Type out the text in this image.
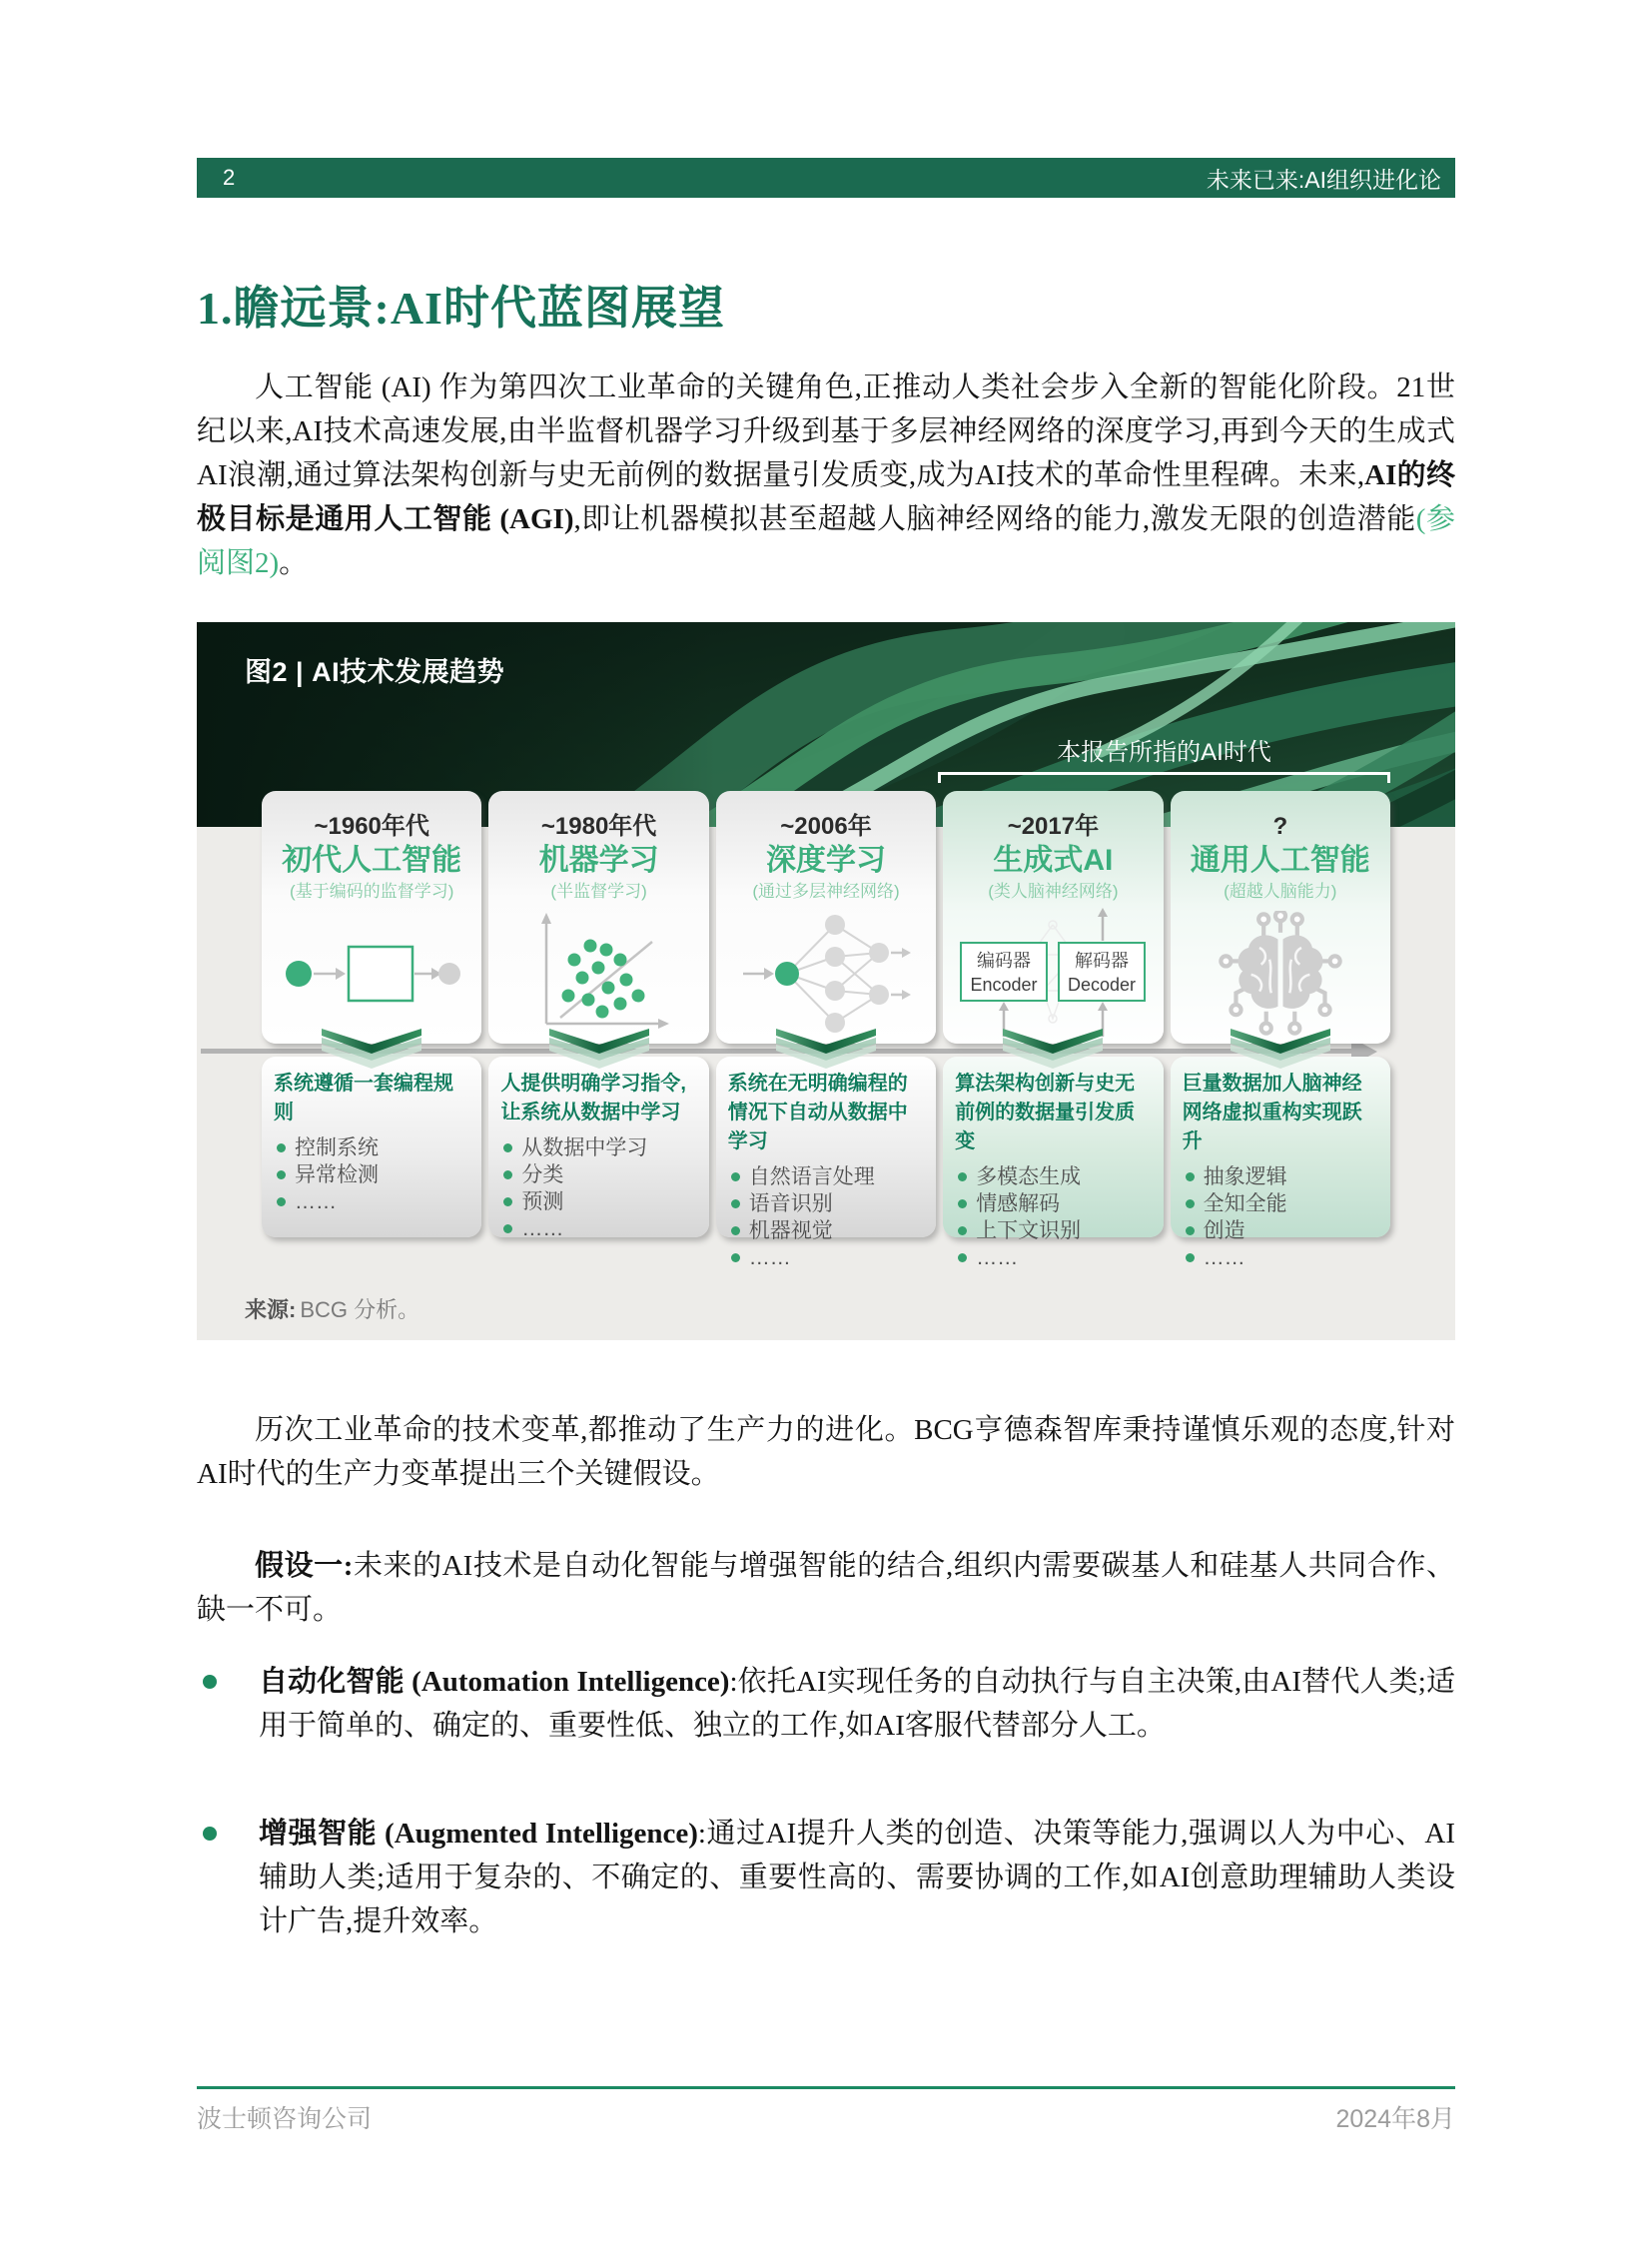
2	未来已来:AI组织进化论
1.瞻远景:AI时代蓝图展望

人工智能 (AI) 作为第四次工业革命的关键角色,正推动人类社会步入全新的智能化阶段。21世纪以来,AI技术高速发展,由半监督机器学习升级到基于多层神经网络的深度学习,再到今天的生成式AI浪潮,通过算法架构创新与史无前例的数据量引发质变,成为AI技术的革命性里程碑。未来,AI的终极目标是通用人工智能 (AGI),即让机器模拟甚至超越人脑神经网络的能力,激发无限的创造潜能(参阅图2)。

图2 | AI技术发展趋势
本报告所指的AI时代
~1960年代
初代人工智能
(基于编码的监督学习)
系统遵循一套编程规则
控制系统
异常检测
……
~1980年代
机器学习
(半监督学习)
人提供明确学习指令,让系统从数据中学习
从数据中学习
分类
预测
……
~2006年
深度学习
(通过多层神经网络)
系统在无明确编程的情况下自动从数据中学习
自然语言处理
语音识别
机器视觉
……
~2017年
生成式AI
(类人脑神经网络)
编码器
Encoder
解码器
Decoder
算法架构创新与史无前例的数据量引发质变
多模态生成
情感解码
上下文识别
……
?
通用人工智能
(超越人脑能力)
巨量数据加人脑神经网络虚拟重构实现跃升
抽象逻辑
全知全能
创造
……
来源: BCG 分析。

历次工业革命的技术变革,都推动了生产力的进化。BCG亨德森智库秉持谨慎乐观的态度,针对AI时代的生产力变革提出三个关键假设。

假设一:未来的AI技术是自动化智能与增强智能的结合,组织内需要碳基人和硅基人共同合作、缺一不可。

自动化智能 (Automation Intelligence):依托AI实现任务的自动执行与自主决策,由AI替代人类;适用于简单的、确定的、重要性低、独立的工作,如AI客服代替部分人工。
增强智能 (Augmented Intelligence):通过AI提升人类的创造、决策等能力,强调以人为中心、AI辅助人类;适用于复杂的、不确定的、重要性高的、需要协调的工作,如AI创意助理辅助人类设计广告,提升效率。
波士顿咨询公司	2024年8月
